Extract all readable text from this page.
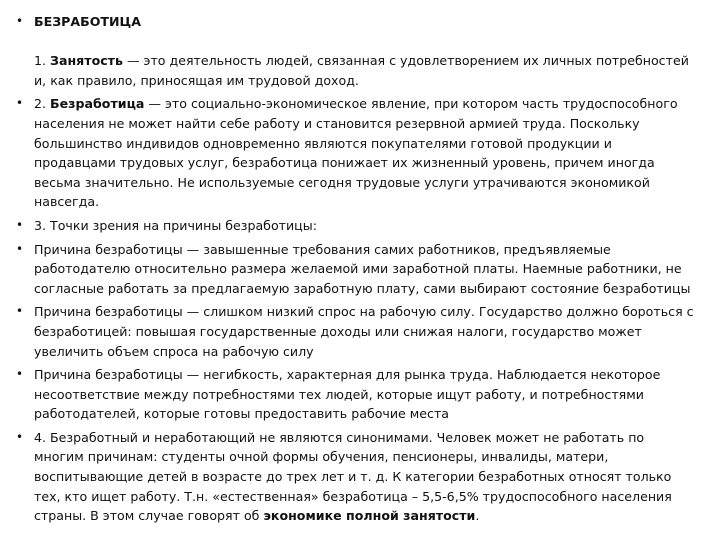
• БЕЗРАБОТИЦА
1. Занятость — это деятельность людей, связанная с удовлетворением их личных потребностей и, как правило, приносящая им трудовой доход.
• 2. Безработица — это социально-экономическое явление, при котором часть трудоспособного населения не может найти себе работу и становится резервной армией труда. Поскольку большинство индивидов одновременно являются покупателями готовой продукции и продавцами трудовых услуг, безработица понижает их жизненный уровень, причем иногда весьма значительно. Не используемые сегодня трудовые услуги утрачиваются экономикой навсегда.
• 3. Точки зрения на причины безработицы:
• Причина безработицы — завышенные требования самих работников, предъявляемые работодателю относительно размера желаемой ими заработной платы. Наемные работники, не согласные работать за предлагаемую заработную плату, сами выбирают состояние безработицы
• Причина безработицы — слишком низкий спрос на рабочую силу. Государство должно бороться с безработицей: повышая государственные доходы или снижая налоги, государство может увеличить объем спроса на рабочую силу
• Причина безработицы — негибкость, характерная для рынка труда. Наблюдается некоторое несоответствие между потребностями тех людей, которые ищут работу, и потребностями работодателей, которые готовы предоставить рабочие места
• 4. Безработный и неработающий не являются синонимами. Человек может не работать по многим причинам: студенты очной формы обучения, пенсионеры, инвалиды, матери, воспитывающие детей в возрасте до трех лет и т. д. К категории безработных относят только тех, кто ищет работу. Т.н. «естественная» безработица – 5,5-6,5% трудоспособного населения страны. В этом случае говорят об экономике полной занятости.
